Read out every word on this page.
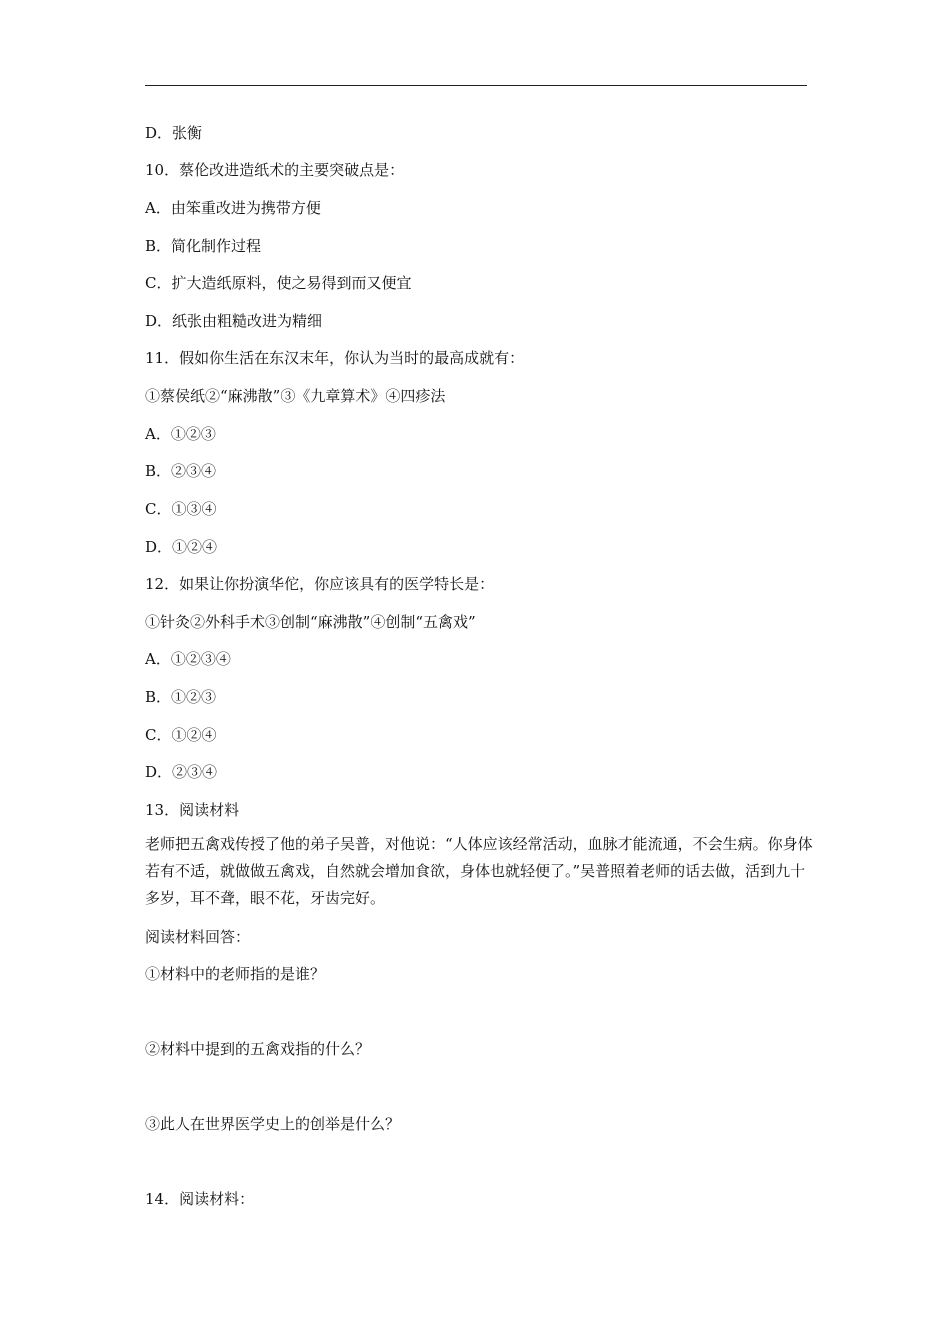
D．张衡
10．蔡伦改进造纸术的主要突破点是：
A．由笨重改进为携带方便
B．简化制作过程
C．扩大造纸原料，使之易得到而又便宜
D．纸张由粗糙改进为精细
11．假如你生活在东汉末年，你认为当时的最高成就有：
①蔡侯纸②“麻沸散”③《九章算术》④四疹法
A．①②③
B．②③④
C．①③④
D．①②④
12．如果让你扮演华佗，你应该具有的医学特长是：
①针灸②外科手术③创制“麻沸散”④创制“五禽戏”
A．①②③④
B．①②③
C．①②④
D．②③④
13．阅读材料
老师把五禽戏传授了他的弟子吴普，对他说：“人体应该经常活动，血脉才能流通，不会生病。你身体若有不适，就做做五禽戏，自然就会增加食欲，身体也就轻便了。”吴普照着老师的话去做，活到九十多岁，耳不聋，眼不花，牙齿完好。
阅读材料回答：
①材料中的老师指的是谁？
②材料中提到的五禽戏指的什么？
③此人在世界医学史上的创举是什么？
14．阅读材料：
